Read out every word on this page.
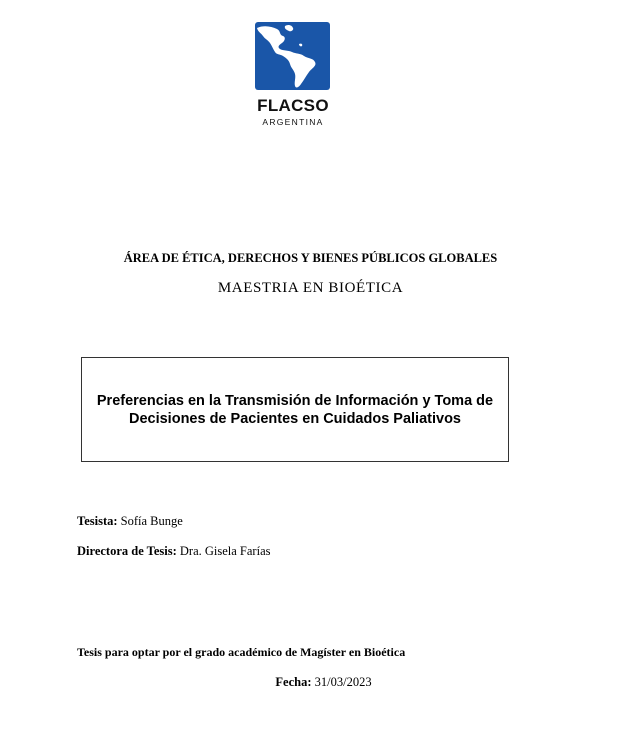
FLACSO
ARGENTINA
ÁREA DE ÉTICA, DERECHOS Y BIENES PÚBLICOS GLOBALES
MAESTRIA EN BIOÉTICA
Preferencias en la Transmisión de Información y Toma de
Decisiones de Pacientes en Cuidados Paliativos
Tesista: Sofía Bunge
Directora de Tesis: Dra. Gisela Farías
Tesis para optar por el grado académico de Magíster en Bioética
Fecha: 31/03/2023
